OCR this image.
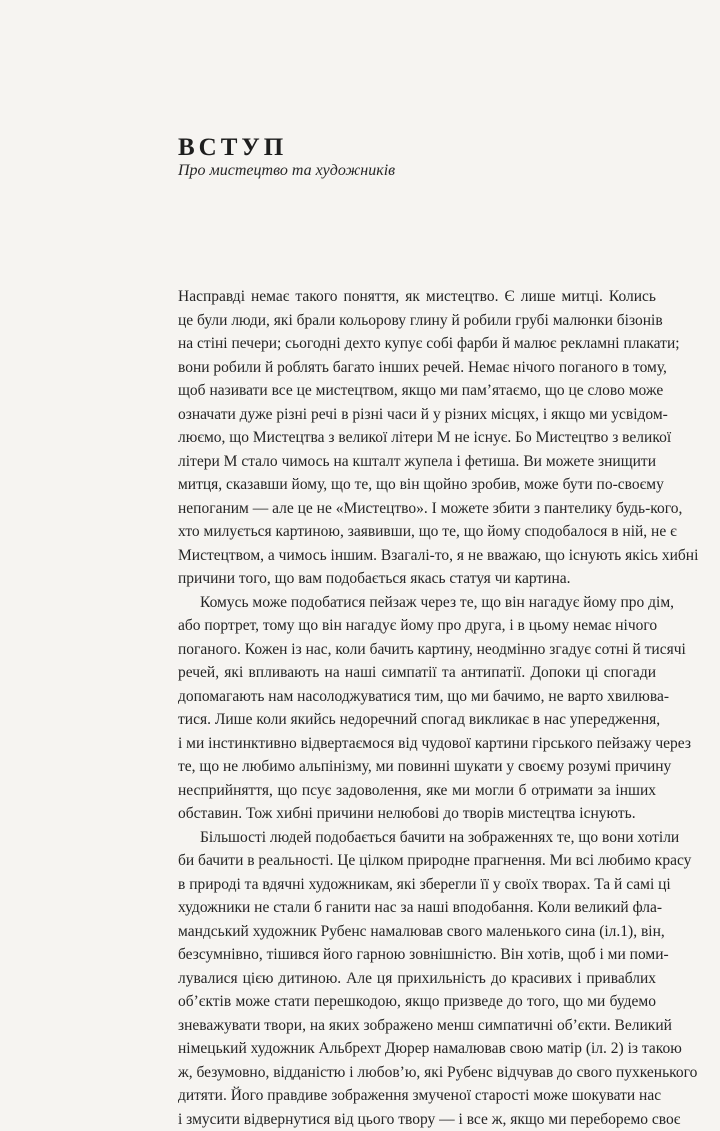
ВСТУП
Про мистецтво та художників

Насправді немає такого поняття, як мистецтво. Є лише митці. Колись
це були люди, які брали кольорову глину й робили грубі малюнки бізонів
на стіні печери; сьогодні дехто купує собі фарби й малює рекламні плакати;
вони робили й роблять багато інших речей. Немає нічого поганого в тому,
щоб називати все це мистецтвом, якщо ми пам’ятаємо, що це слово може
означати дуже різні речі в різні часи й у різних місцях, і якщо ми усвідом-
люємо, що Мистецтва з великої літери М не існує. Бо Мистецтво з великої
літери М стало чимось на кшталт жупела і фетиша. Ви можете знищити
митця, сказавши йому, що те, що він щойно зробив, може бути по-своєму
непоганим — але це не «Мистецтво». І можете збити з пантелику будь-кого,
хто милується картиною, заявивши, що те, що йому сподобалося в ній, не є
Мистецтвом, а чимось іншим. Взагалі-то, я не вважаю, що існують якісь хибні
причини того, що вам подобається якась статуя чи картина.

Комусь може подобатися пейзаж через те, що він нагадує йому про дім,
або портрет, тому що він нагадує йому про друга, і в цьому немає нічого
поганого. Кожен із нас, коли бачить картину, неодмінно згадує сотні й тисячі
речей, які впливають на наші симпатії та антипатії. Допоки ці спогади
допомагають нам насолоджуватися тим, що ми бачимо, не варто хвилюва-
тися. Лише коли якийсь недоречний спогад викликає в нас упередження,
і ми інстинктивно відвертаємося від чудової картини гірського пейзажу через
те, що не любимо альпінізму, ми повинні шукати у своєму розумі причину
несприйняття, що псує задоволення, яке ми могли б отримати за інших
обставин. Тож хибні причини нелюбові до творів мистецтва існують.

Більшості людей подобається бачити на зображеннях те, що вони хотіли
би бачити в реальності. Це цілком природне прагнення. Ми всі любимо красу
в природі та вдячні художникам, які зберегли її у своїх творах. Та й самі ці
художники не стали б ганити нас за наші вподобання. Коли великий фла-
мандський художник Рубенс намалював свого маленького сина (іл.1), він,
безсумнівно, тішився його гарною зовнішністю. Він хотів, щоб і ми поми-
лувалися цією дитиною. Але ця прихильність до красивих і приваблих
об’єктів може стати перешкодою, якщо призведе до того, що ми будемо
зневажувати твори, на яких зображено менш симпатичні об’єкти. Великий
німецький художник Альбрехт Дюрер намалював свою матір (іл. 2) із такою
ж, безумовно, відданістю і любов’ю, які Рубенс відчував до свого пухкенького
дитяти. Його правдиве зображення змученої старості може шокувати нас
і змусити відвернутися від цього твору — і все ж, якщо ми переборемо своє
